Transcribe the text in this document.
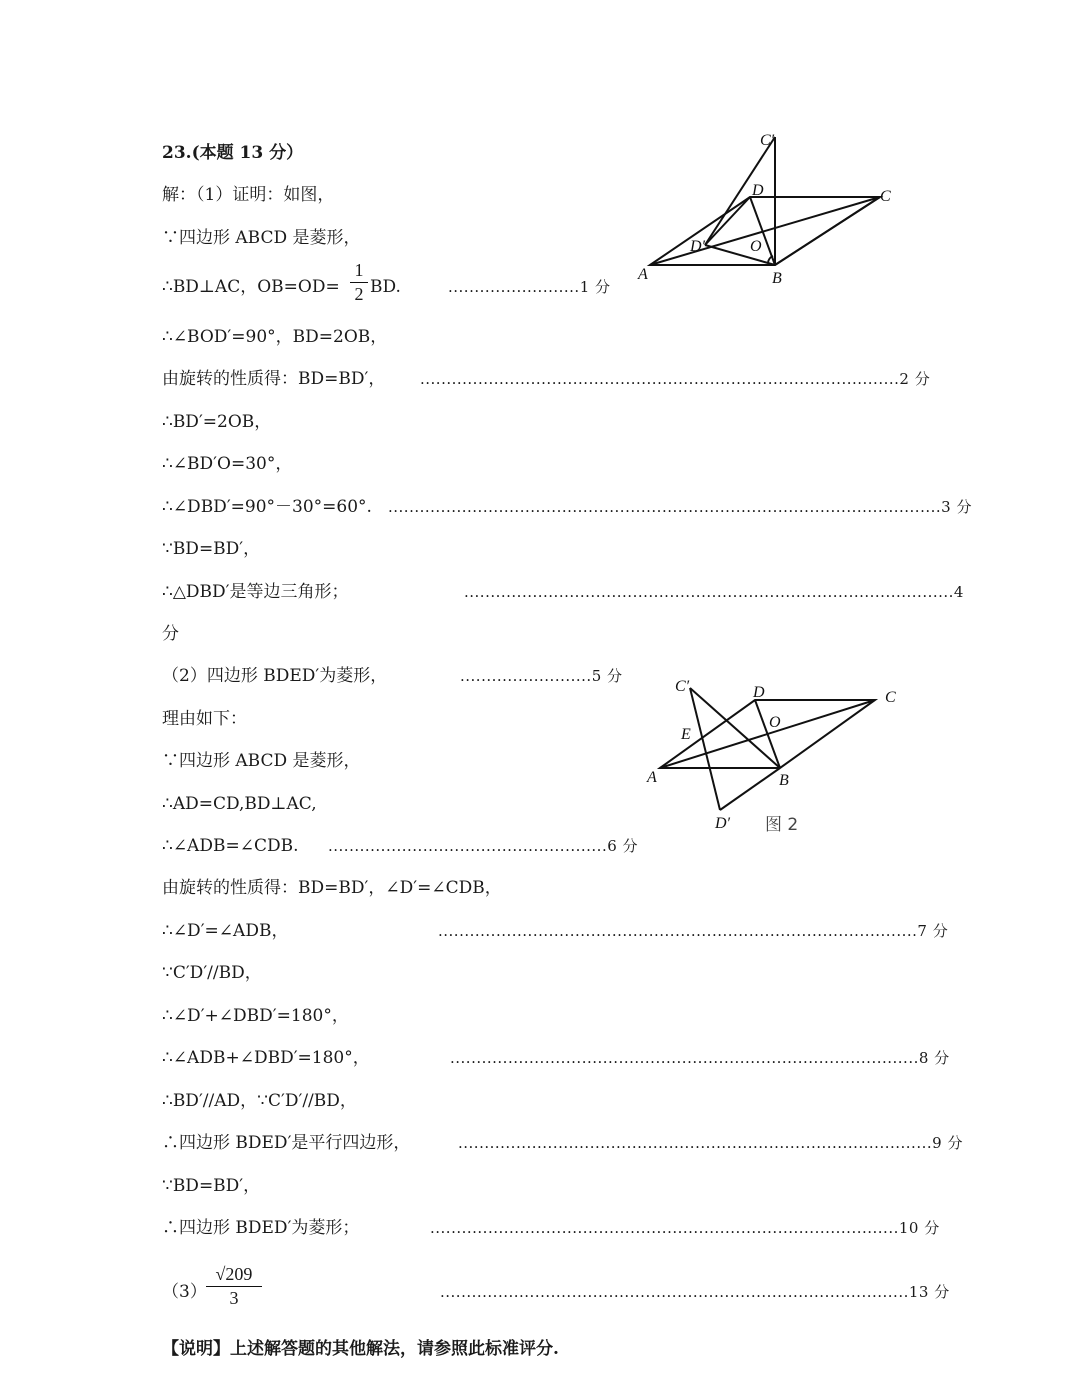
23.(本题 13 分）
解：（1）证明：如图，
∵四边形 ABCD 是菱形，
∴BD⊥AC，OB=OD=
1
2 BD.	.........................1 分
∴∠BOD′=90°，BD=2OB，
由旋转的性质得：BD=BD′， ...........................................................................................2 分
∴BD′=2OB，
∴∠BD′O=30°，
∴∠DBD′=90°－30°=60°. .........................................................................................................3 分
∵BD=BD′，
∴△DBD′是等边三角形；	.............................................................................................4
分
（2）四边形 BDED′为菱形，	.........................5 分
理由如下：
∵四边形 ABCD 是菱形，
∴AD=CD,BD⊥AC,
∴∠ADB=∠CDB. .....................................................6 分
由旋转的性质得：BD=BD′，∠D′=∠CDB，
∴∠D′=∠ADB，	...........................................................................................7 分
∵C′D′//BD，
∴∠D′+∠DBD′=180°，
∴∠ADB+∠DBD′=180°，	.........................................................................................8 分
∴BD′//AD，∵C′D′//BD，
∴四边形 BDED′是平行四边形，	..........................................................................................9 分
∵BD=BD′，
∴四边形 BDED′为菱形；	.........................................................................................10 分
（3）
√209
3	.........................................................................................13 分
【说明】上述解答题的其他解法，请参照此标准评分.
C′
D	C
D′	O
A	B
C′	D	C
O
E
A	B
D′ 图 2
